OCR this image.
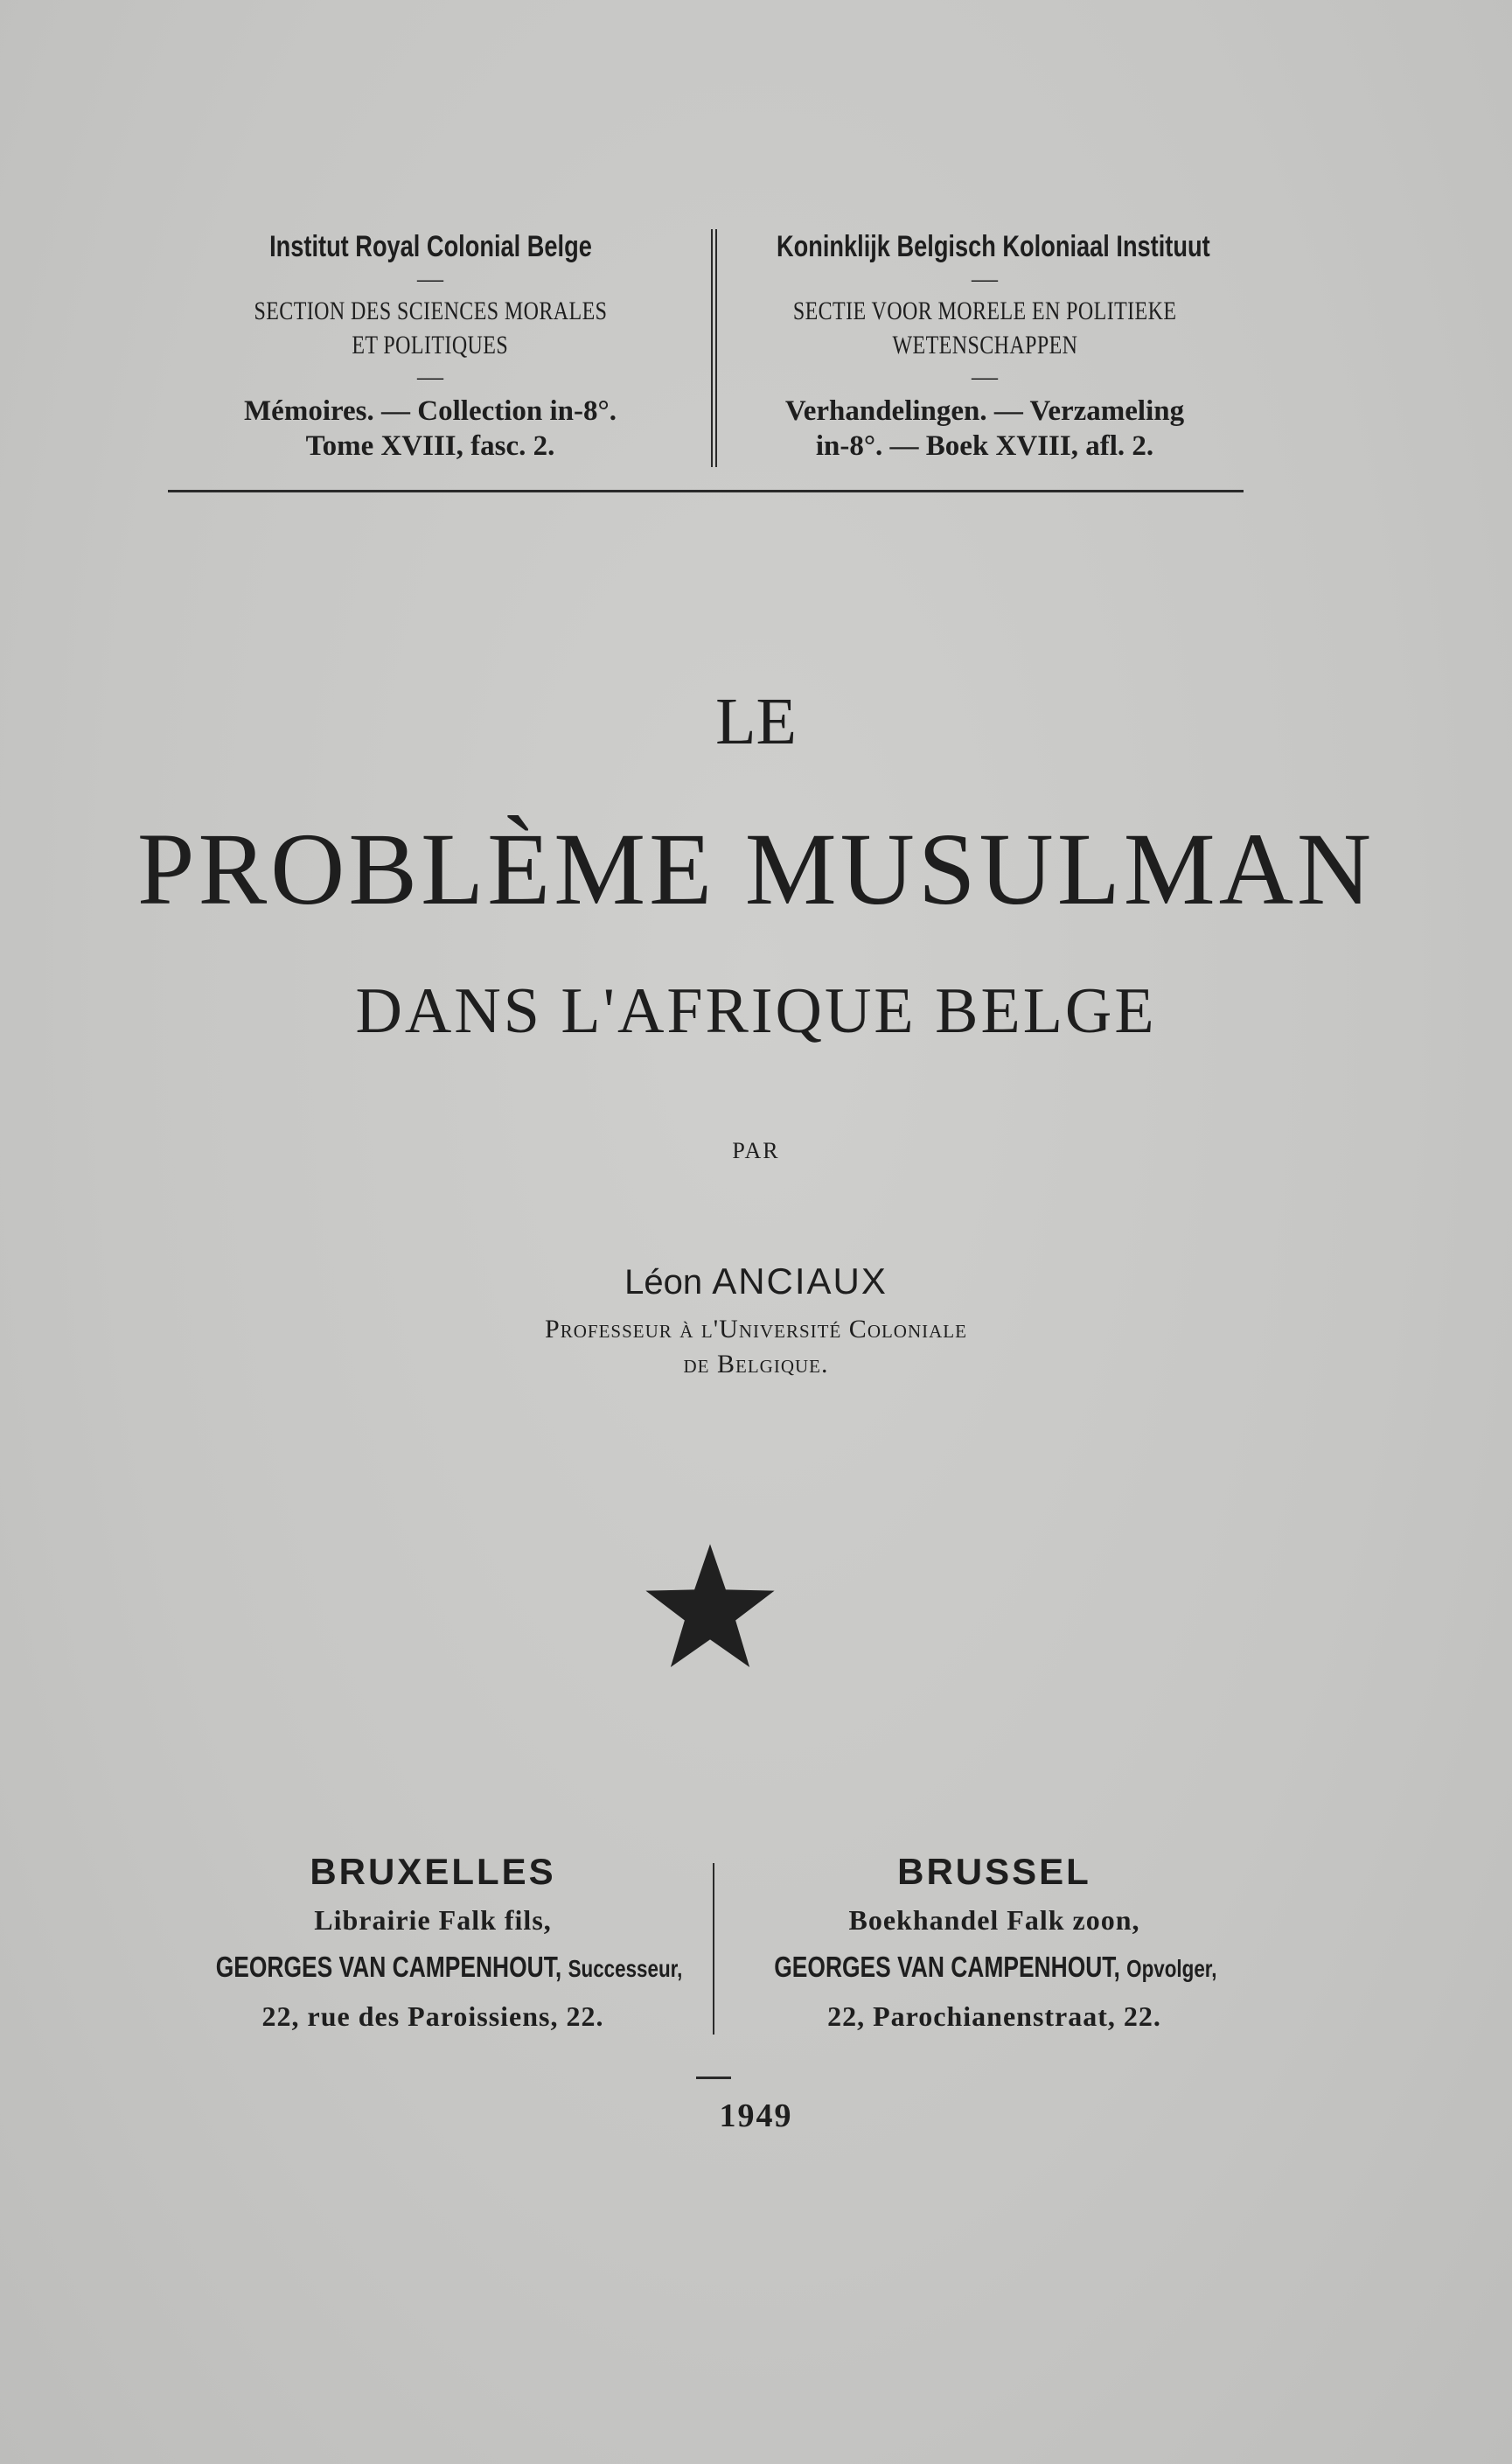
Institut Royal Colonial Belge
—
SECTION DES SCIENCES MORALES
ET POLITIQUES
—
Mémoires. — Collection in-8°.
Tome XVIII, fasc. 2.
Koninklijk Belgisch Koloniaal Instituut
—
SECTIE VOOR MORELE EN POLITIEKE
WETENSCHAPPEN
—
Verhandelingen. — Verzameling
in-8°. — Boek XVIII, afl. 2.
LE
PROBLÈME MUSULMAN
DANS L'AFRIQUE BELGE
PAR
Léon ANCIAUX
Professeur à l'Université Coloniale
de Belgique.
BRUXELLES
Librairie Falk fils,
GEORGES VAN CAMPENHOUT, Successeur,
22, rue des Paroissiens, 22.
BRUSSEL
Boekhandel Falk zoon,
GEORGES VAN CAMPENHOUT, Opvolger,
22, Parochianenstraat, 22.
1949
